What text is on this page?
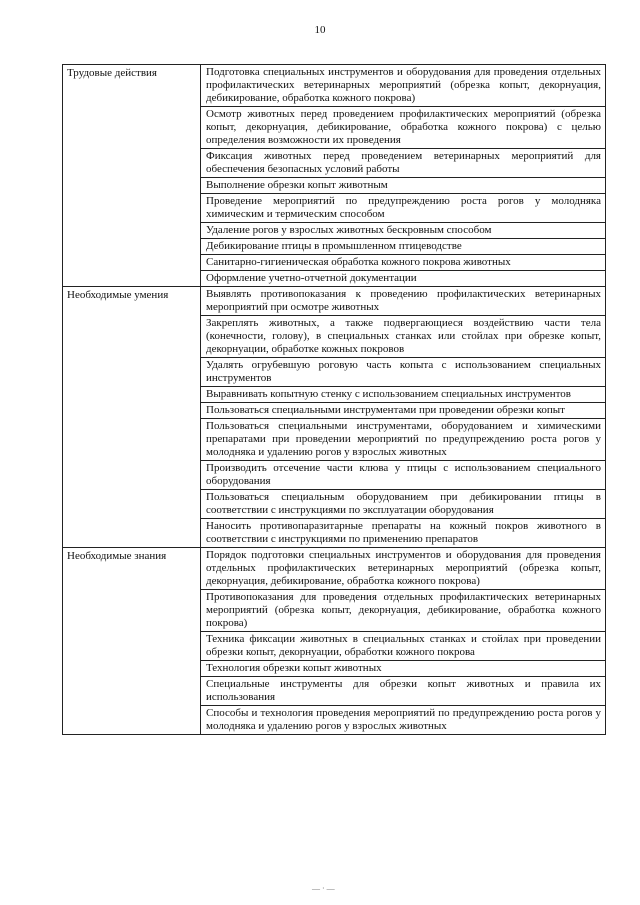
10
Трудовые действия	Подготовка специальных инструментов и оборудования для проведения отдельных профилактических ветеринарных мероприятий (обрезка копыт, декорнуация, дебикирование, обработка кожного покрова)
	Осмотр животных перед проведением профилактических мероприятий (обрезка копыт, декорнуация, дебикирование, обработка кожного покрова) с целью определения возможности их проведения
	Фиксация животных перед проведением ветеринарных мероприятий для обеспечения безопасных условий работы
	Выполнение обрезки копыт животным
	Проведение мероприятий по предупреждению роста рогов у молодняка химическим и термическим способом
	Удаление рогов у взрослых животных бескровным способом
	Дебикирование птицы в промышленном птицеводстве
	Санитарно-гигиеническая обработка кожного покрова животных
	Оформление учетно-отчетной документации
Необходимые умения	Выявлять противопоказания к проведению профилактических ветеринарных мероприятий при осмотре животных
	Закреплять животных, а также подвергающиеся воздействию части тела (конечности, голову), в специальных станках или стойлах при обрезке копыт, декорнуации, обработке кожных покровов
	Удалять огрубевшую роговую часть копыта с использованием специальных инструментов
	Выравнивать копытную стенку с использованием специальных инструментов
	Пользоваться специальными инструментами при проведении обрезки копыт
	Пользоваться специальными инструментами, оборудованием и химическими препаратами при проведении мероприятий по предупреждению роста рогов у молодняка и удалению рогов у взрослых животных
	Производить отсечение части клюва у птицы с использованием специального оборудования
	Пользоваться специальным оборудованием при дебикировании птицы в соответствии с инструкциями по эксплуатации оборудования
	Наносить противопаразитарные препараты на кожный покров животного в соответствии с инструкциями по применению препаратов
Необходимые знания	Порядок подготовки специальных инструментов и оборудования для проведения отдельных профилактических ветеринарных мероприятий (обрезка копыт, декорнуация, дебикирование, обработка кожного покрова)
	Противопоказания для проведения отдельных профилактических ветеринарных мероприятий (обрезка копыт, декорнуация, дебикирование, обработка кожного покрова)
	Техника фиксации животных в специальных станках и стойлах при проведении обрезки копыт, декорнуации, обработки кожного покрова
	Технология обрезки копыт животных
	Специальные инструменты для обрезки копыт животных и правила их использования
	Способы и технология проведения мероприятий по предупреждению роста рогов у молодняка и удалению рогов у взрослых животных
— · —
